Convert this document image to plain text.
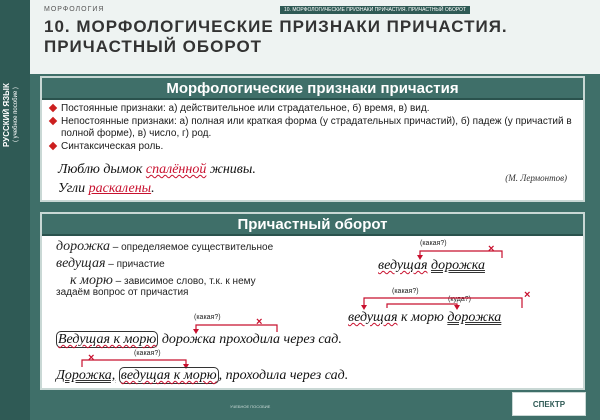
РУССКИЙ ЯЗЫК ( учебное пособие )
МОРФОЛОГИЯ	10. МОРФОЛОГИЧЕСКИЕ ПРИЗНАКИ ПРИЧАСТИЯ. ПРИЧАСТНЫЙ ОБОРОТ
10. МОРФОЛОГИЧЕСКИЕ ПРИЗНАКИ ПРИЧАСТИЯ.
ПРИЧАСТНЫЙ ОБОРОТ
Морфологические признаки причастия
Постоянные признаки: а) действительное или страдательное, б) время, в) вид.
Непостоянные признаки: а) полная или краткая форма (у страдательных причастий), б) падеж (у причастий в полной форме), в) число, г) род.
Синтаксическая роль.
Люблю дымок спалённой жнивы.
(М. Лермонтов)
Угли раскалены.
Причастный оборот
дорожка – определяемое существительное
ведущая – причастие
к морю – зависимое слово, т.к. к нему задаём вопрос от причастия
(какая?)	×
ведущая дорожка
(какая?)
(куда?)	×
ведущая к морю дорожка
(какая?)	×
Ведущая к морю дорожка проходила через сад.
(какая?)
×
Дорожка, ведущая к морю , проходила через сад.
УЧЕБНОЕ ПОСОБИЕ	СПЕКТР
